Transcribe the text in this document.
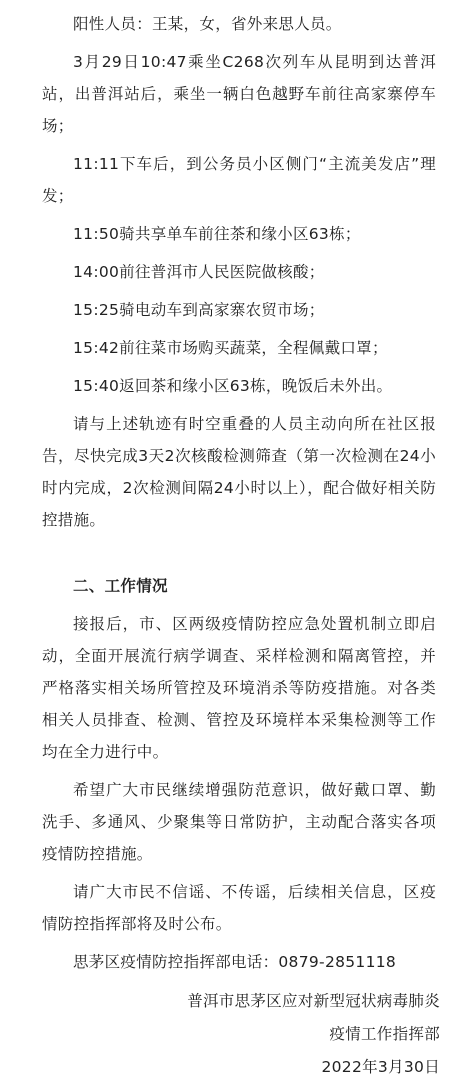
阳性人员：王某，女，省外来思人员。

3月29日10:47乘坐C268次列车从昆明到达普洱站，出普洱站后，乘坐一辆白色越野车前往高家寨停车场；

11:11下车后，到公务员小区侧门“主流美发店”理发；

11:50骑共享单车前往茶和缘小区63栋；

14:00前往普洱市人民医院做核酸；

15:25骑电动车到高家寨农贸市场；

15:42前往菜市场购买蔬菜，全程佩戴口罩；

15:40返回茶和缘小区63栋，晚饭后未外出。

请与上述轨迹有时空重叠的人员主动向所在社区报告，尽快完成3天2次核酸检测筛查（第一次检测在24小时内完成，2次检测间隔24小时以上），配合做好相关防控措施。

二、工作情况

接报后，市、区两级疫情防控应急处置机制立即启动，全面开展流行病学调查、采样检测和隔离管控，并严格落实相关场所管控及环境消杀等防疫措施。对各类相关人员排查、检测、管控及环境样本采集检测等工作均在全力进行中。

希望广大市民继续增强防范意识，做好戴口罩、勤洗手、多通风、少聚集等日常防护，主动配合落实各项疫情防控措施。

请广大市民不信谣、不传谣，后续相关信息，区疫情防控指挥部将及时公布。

思茅区疫情防控指挥部电话：0879-2851118

普洱市思茅区应对新型冠状病毒肺炎

疫情工作指挥部

2022年3月30日
